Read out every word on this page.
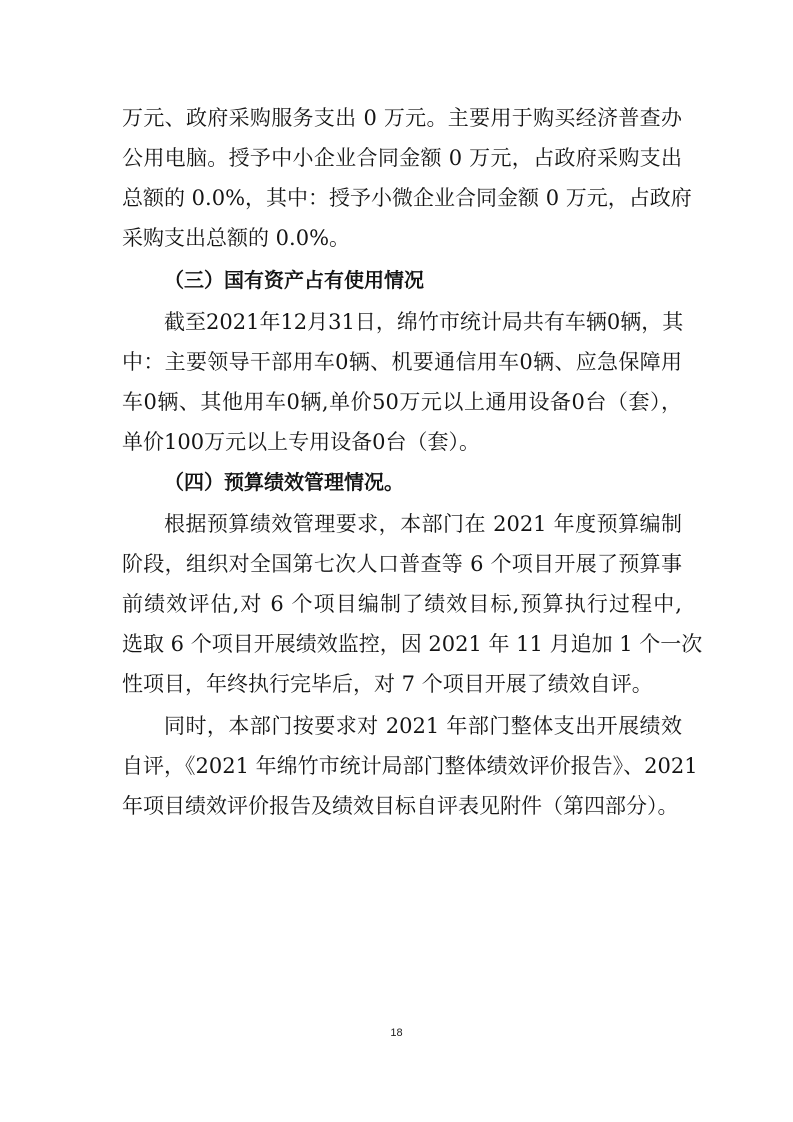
万元、政府采购服务支出 0 万元。主要用于购买经济普查办
公用电脑。授予中小企业合同金额 0 万元，占政府采购支出
总额的 0.0%，其中：授予小微企业合同金额 0 万元，占政府
采购支出总额的 0.0%。
（三）国有资产占有使用情况
截至2021年12月31日，绵竹市统计局共有车辆0辆，其
中：主要领导干部用车0辆、机要通信用车0辆、应急保障用
车0辆、其他用车0辆,单价50万元以上通用设备0台（套），
单价100万元以上专用设备0台（套）。
（四）预算绩效管理情况。
根据预算绩效管理要求，本部门在 2021 年度预算编制
阶段，组织对全国第七次人口普查等 6 个项目开展了预算事
前绩效评估,对 6 个项目编制了绩效目标,预算执行过程中,
选取 6 个项目开展绩效监控，因 2021 年 11 月追加 1 个一次
性项目，年终执行完毕后，对 7 个项目开展了绩效自评。
同时，本部门按要求对 2021 年部门整体支出开展绩效
自评，《2021 年绵竹市统计局部门整体绩效评价报告》、2021
年项目绩效评价报告及绩效目标自评表见附件（第四部分）。
18
